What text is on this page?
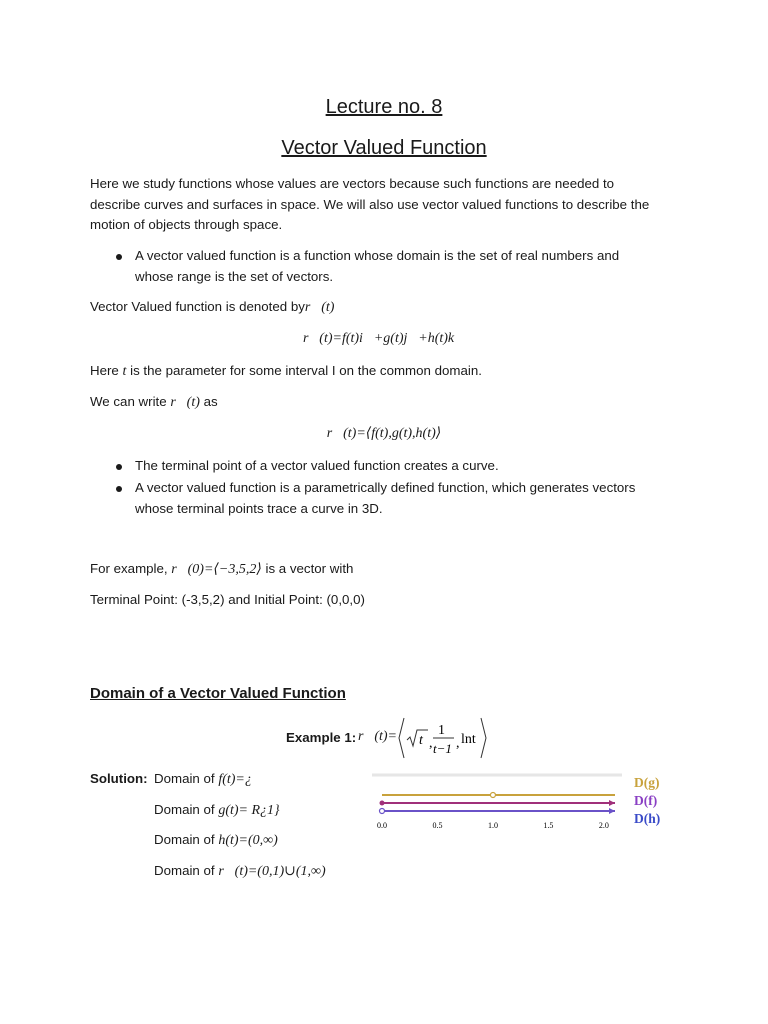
Lecture no. 8
Vector Valued Function
Here we study functions whose values are vectors because such functions are needed to
describe curves and surfaces in space. We will also use vector valued functions to describe the
motion of objects through space.
A vector valued function is a function whose domain is the set of real numbers and
whose range is the set of vectors.
Vector Valued function is denoted byr⃗(t)
r⃗(t)=f(t)i⃗+g(t)j⃗+h(t)k⃗
Here t is the parameter for some interval I on the common domain.
We can write r⃗(t) as
r⃗(t)=⟨f(t),g(t),h(t)⟩
The terminal point of a vector valued function creates a curve.
A vector valued function is a parametrically defined function, which generates vectors
whose terminal points trace a curve in 3D.
For example, r⃗(0)=⟨−3,5,2⟩ is a vector with
Terminal Point: (-3,5,2) and Initial Point: (0,0,0)
Domain of a Vector Valued Function
Example 1: r⃗(t)= t ,
1
t−1 , lnt
Solution: Domain of f(t)=¿
Domain of g(t)= R¿1}
Domain of h(t)=(0,∞)
Domain of r⃗(t)=(0,1)∪(1,∞)
D(g)
D(f)
D(h)
0.0	0.5	1.0	1.5	2.0
